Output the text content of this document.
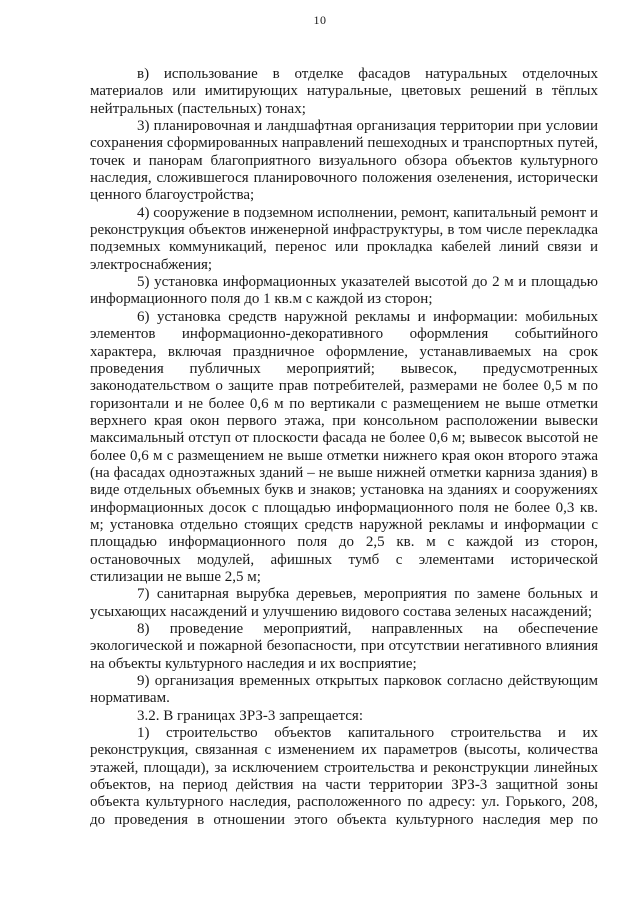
10

в) использование в отделке фасадов натуральных отделочных материалов или имитирующих натуральные, цветовых решений в тёплых нейтральных (пастельных) тонах;

3) планировочная и ландшафтная организация территории при условии сохранения сформированных направлений пешеходных и транспортных путей, точек и панорам благоприятного визуального обзора объектов культурного наследия, сложившегося планировочного положения озеленения, исторически ценного благоустройства;

4) сооружение в подземном исполнении, ремонт, капитальный ремонт и реконструкция объектов инженерной инфраструктуры, в том числе перекладка подземных коммуникаций, перенос или прокладка кабелей линий связи и электроснабжения;

5) установка информационных указателей высотой до 2 м и площадью информационного поля до 1 кв.м с каждой из сторон;

6) установка средств наружной рекламы и информации: мобильных элементов информационно-декоративного оформления событийного характера, включая праздничное оформление, устанавливаемых на срок проведения публичных мероприятий; вывесок, предусмотренных законодательством о защите прав потребителей, размерами не более 0,5 м по горизонтали и не более 0,6 м по вертикали с размещением не выше отметки верхнего края окон первого этажа, при консольном расположении вывески максимальный отступ от плоскости фасада не более 0,6 м; вывесок высотой не более 0,6 м с размещением не выше отметки нижнего края окон второго этажа (на фасадах одноэтажных зданий – не выше нижней отметки карниза здания) в виде отдельных объемных букв и знаков; установка на зданиях и сооружениях информационных досок с площадью информационного поля не более 0,3 кв. м; установка отдельно стоящих средств наружной рекламы и информации с площадью информационного поля до 2,5 кв. м с каждой из сторон, остановочных модулей, афишных тумб с элементами исторической стилизации не выше 2,5 м;

7) санитарная вырубка деревьев, мероприятия по замене больных и усыхающих насаждений и улучшению видового состава зеленых насаждений;

8) проведение мероприятий, направленных на обеспечение экологической и пожарной безопасности, при отсутствии негативного влияния на объекты культурного наследия и их восприятие;

9) организация временных открытых парковок согласно действующим нормативам.

3.2. В границах ЗРЗ-3 запрещается:

1) строительство объектов капитального строительства и их реконструкция, связанная с изменением их параметров (высоты, количества этажей, площади), за исключением строительства и реконструкции линейных объектов, на период действия на части территории ЗРЗ-3 защитной зоны объекта культурного наследия, расположенного по адресу: ул. Горького, 208, до проведения в отношении этого объекта культурного наследия мер по
